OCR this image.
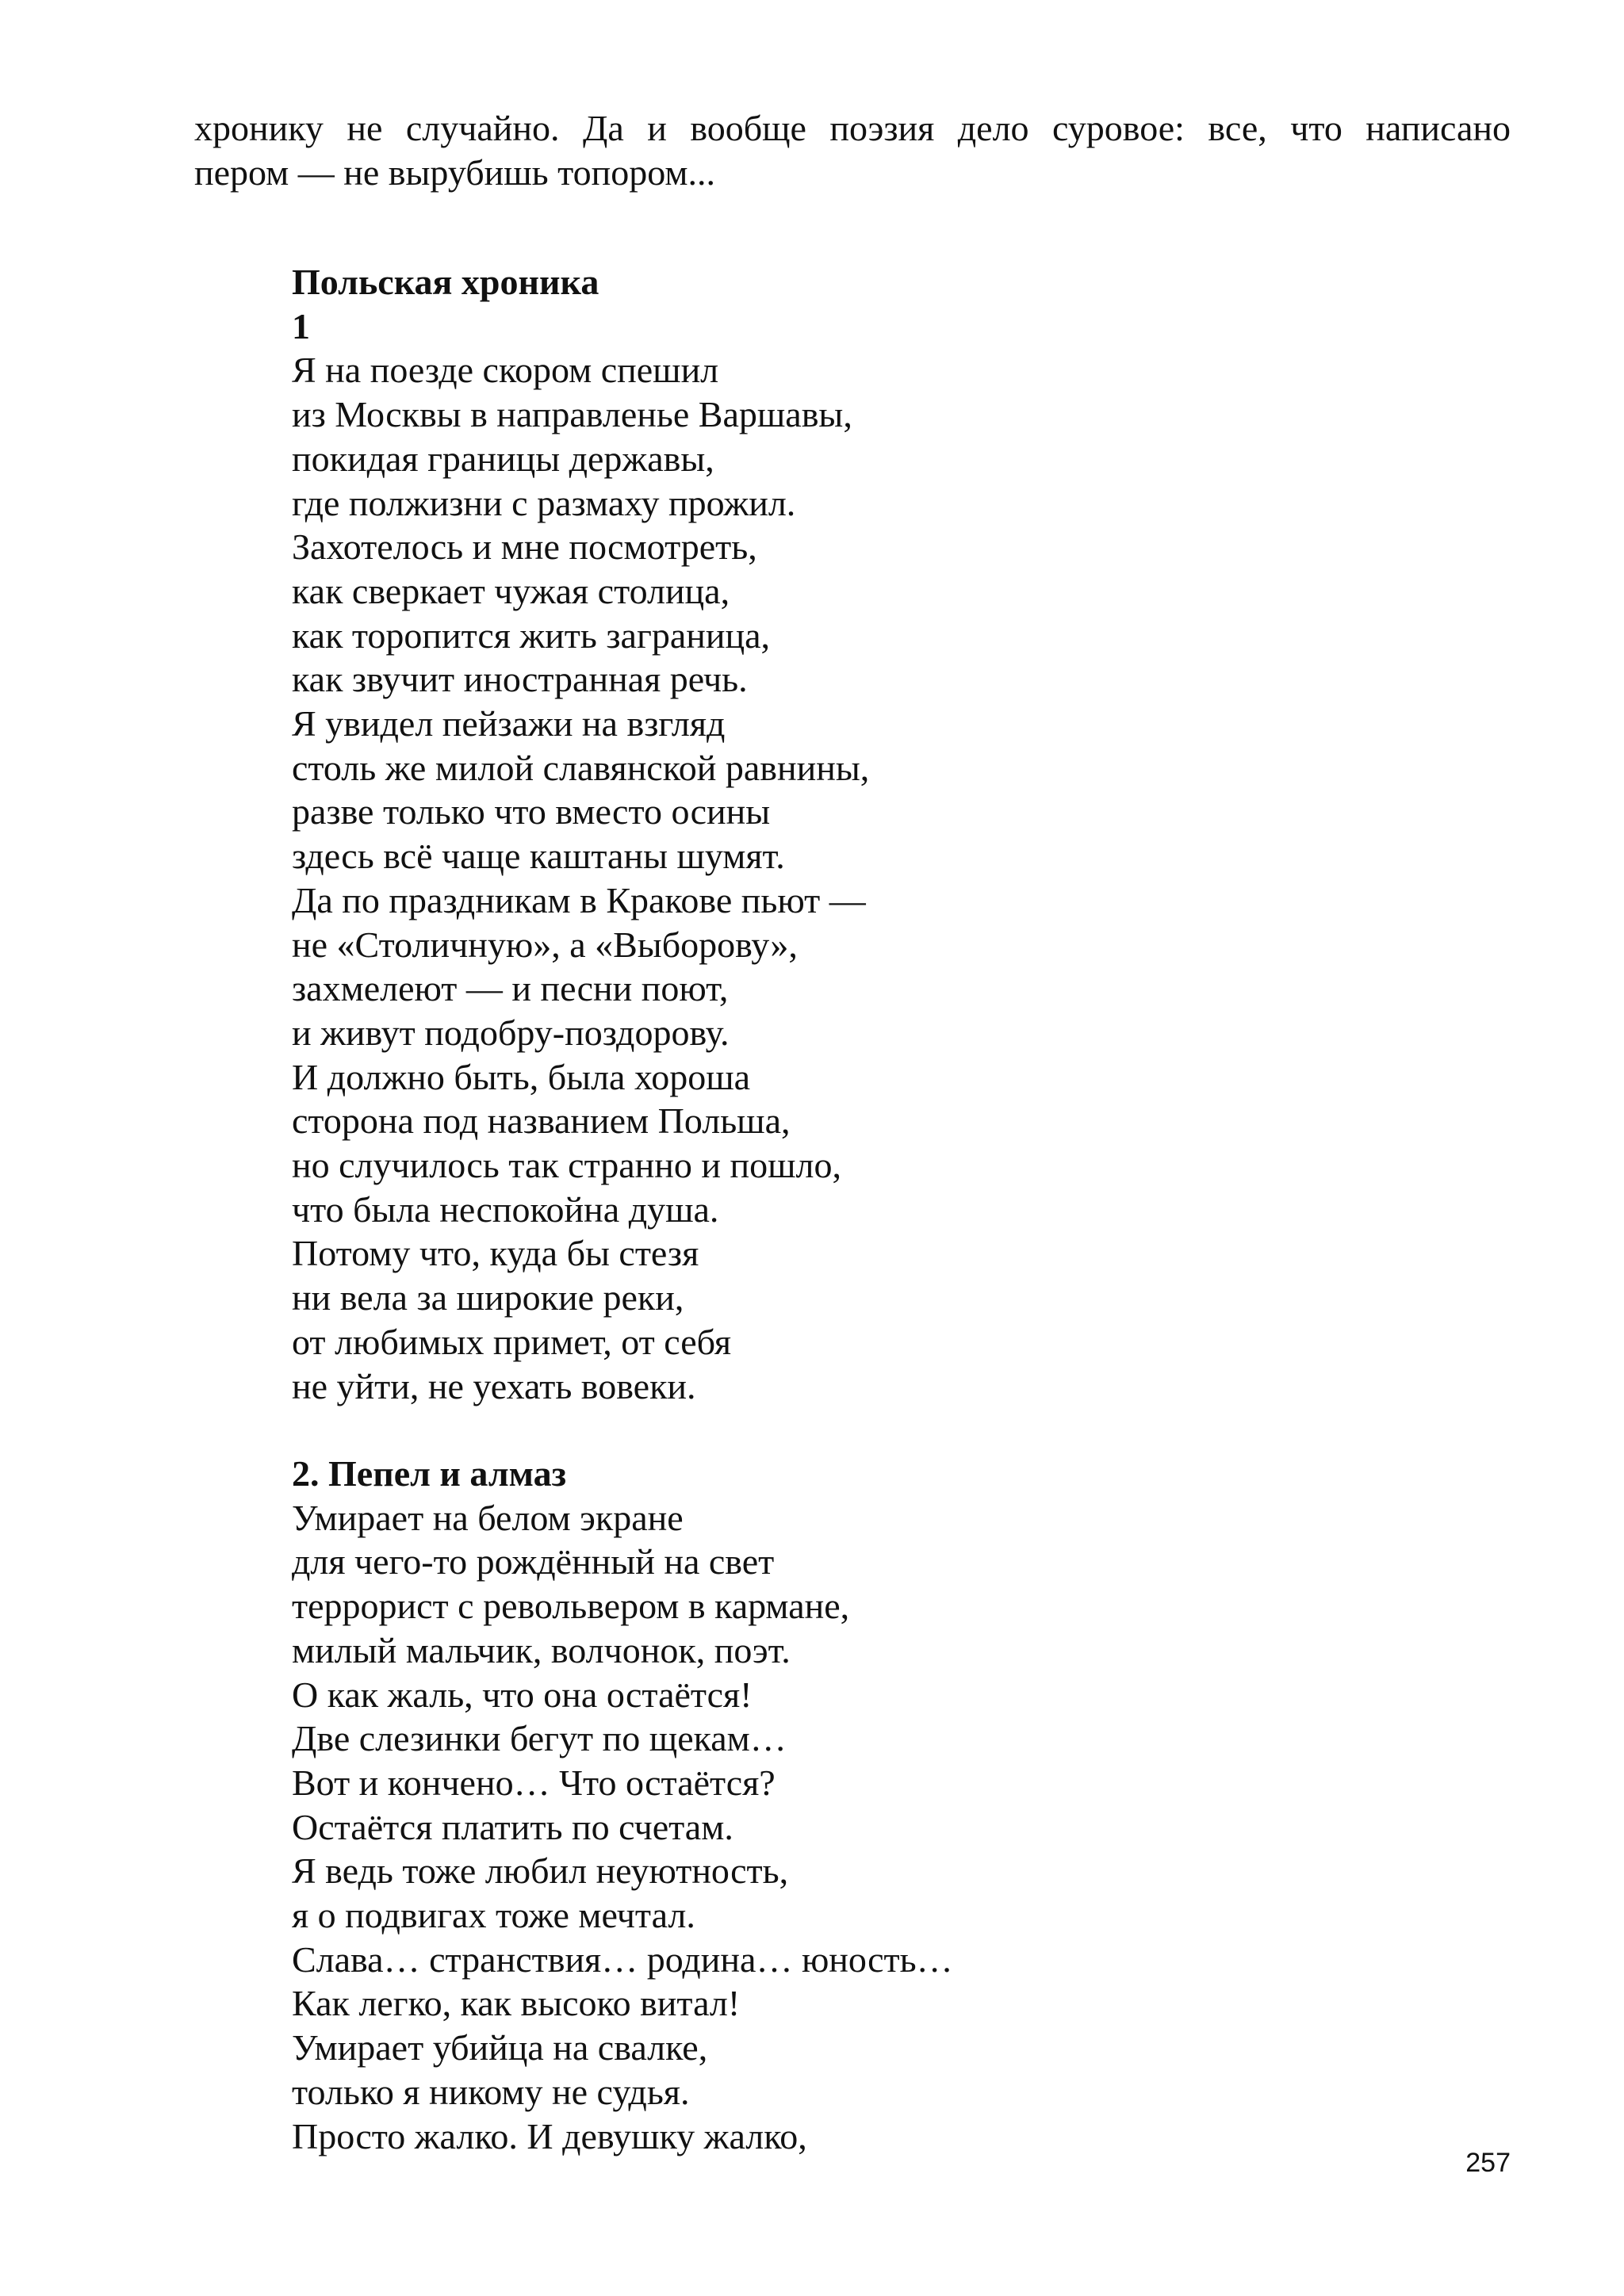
хронику не случайно. Да и вообще поэзия дело суровое: все, что написано
пером — не вырубишь топором...

Польская хроника
1
Я на поезде скором спешил
из Москвы в направленье Варшавы,
покидая границы державы,
где полжизни с размаху прожил.
Захотелось и мне посмотреть,
как сверкает чужая столица,
как торопится жить заграница,
как звучит иностранная речь.
Я увидел пейзажи на взгляд
столь же милой славянской равнины,
разве только что вместо осины
здесь всё чаще каштаны шумят.
Да по праздникам в Кракове пьют —
не «Столичную», а «Выборову»,
захмелеют — и песни поют,
и живут подобру-поздорову.
И должно быть, была хороша
сторона под названием Польша,
но случилось так странно и пошло,
что была неспокойна душа.
Потому что, куда бы стезя
ни вела за широкие реки,
от любимых примет, от себя
не уйти, не уехать вовеки.
2. Пепел и алмаз
Умирает на белом экране
для чего-то рождённый на свет
террорист с револьвером в кармане,
милый мальчик, волчонок, поэт.
О как жаль, что она остаётся!
Две слезинки бегут по щекам…
Вот и кончено… Что остаётся?
Остаётся платить по счетам.
Я ведь тоже любил неуютность,
я о подвигах тоже мечтал.
Слава… странствия… родина… юность…
Как легко, как высоко витал!
Умирает убийца на свалке,
только я никому не судья.
Просто жалко. И девушку жалко,
257
